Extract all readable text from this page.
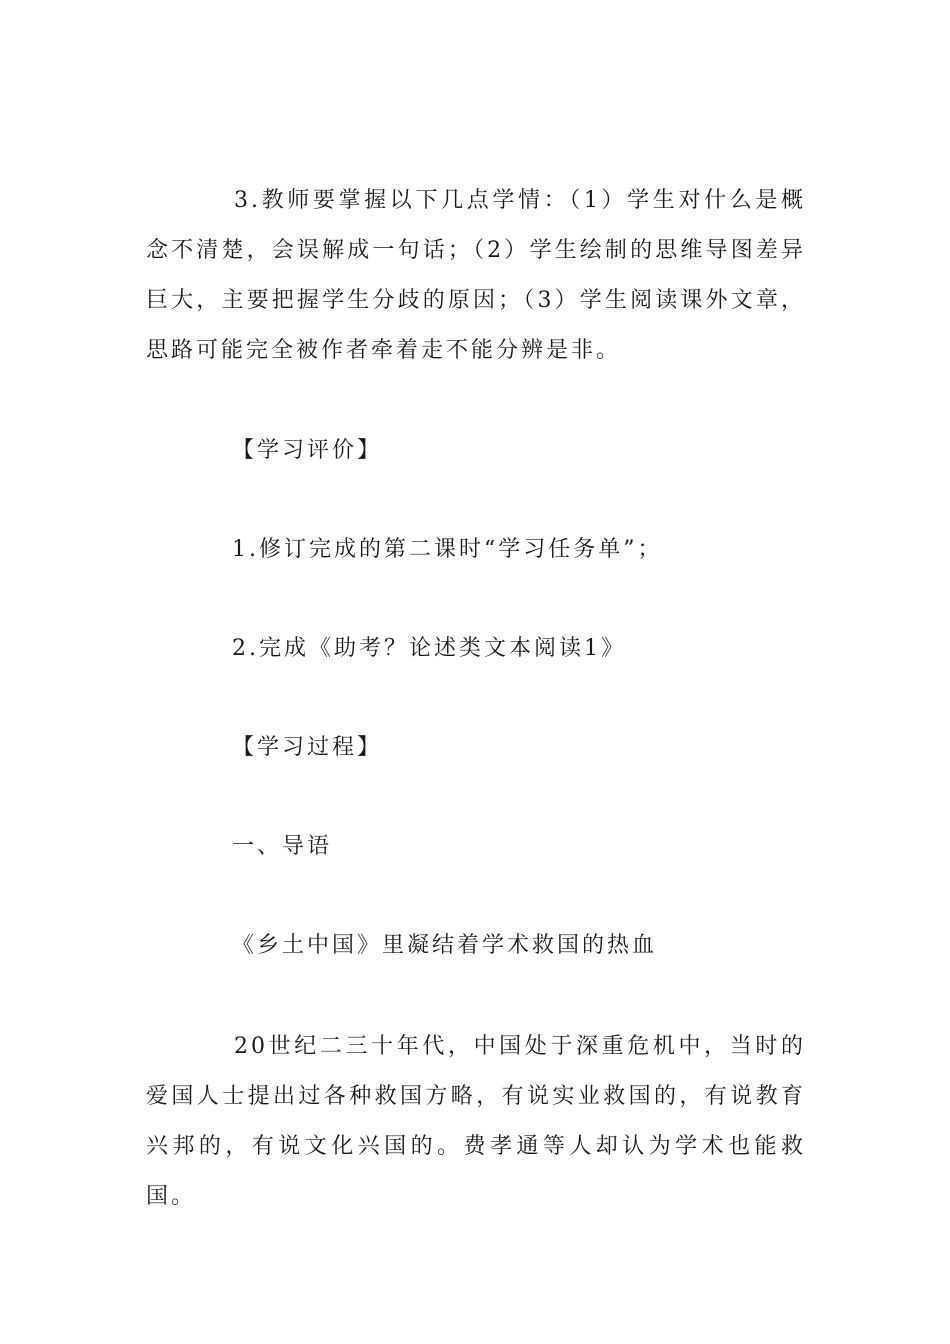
3.教师要掌握以下几点学情：（1）学生对什么是概念不清楚，会误解成一句话；（2）学生绘制的思维导图差异巨大，主要把握学生分歧的原因；（3）学生阅读课外文章，思路可能完全被作者牵着走不能分辨是非。

【学习评价】

1.修订完成的第二课时“学习任务单”；

2.完成《助考？论述类文本阅读1》

【学习过程】

一、导语

《乡土中国》里凝结着学术救国的热血

20世纪二三十年代，中国处于深重危机中，当时的爱国人士提出过各种救国方略，有说实业救国的，有说教育兴邦的，有说文化兴国的。费孝通等人却认为学术也能救国。
